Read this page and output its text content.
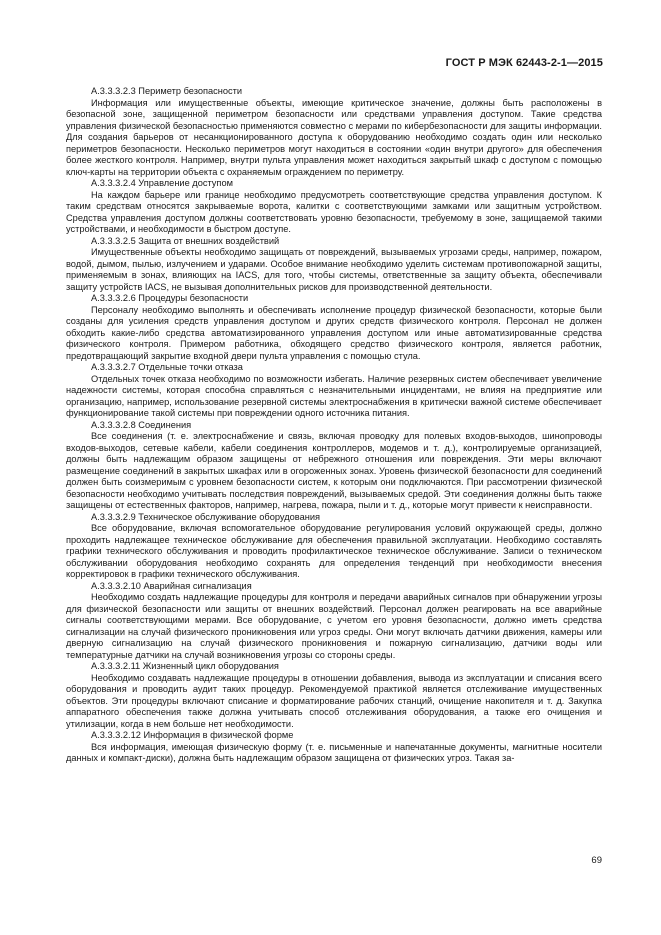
ГОСТ Р МЭК 62443-2-1—2015
A.3.3.3.2.3 Периметр безопасности

Информация или имущественные объекты, имеющие критическое значение, должны быть расположены в безопасной зоне, защищенной периметром безопасности или средствами управления доступом. Такие средства управления физической безопасностью применяются совместно с мерами по кибербезопасности для защиты информации. Для создания барьеров от несанкционированного доступа к оборудованию необходимо создать один или несколько периметров безопасности. Несколько периметров могут находиться в состоянии «один внутри другого» для обеспечения более жесткого контроля. Например, внутри пульта управления может находиться закрытый шкаф с доступом с помощью ключ-карты на территории объекта с охраняемым ограждением по периметру.

A.3.3.3.2.4 Управление доступом

На каждом барьере или границе необходимо предусмотреть соответствующие средства управления доступом. К таким средствам относятся закрываемые ворота, калитки с соответствующими замками или защитным устройством. Средства управления доступом должны соответствовать уровню безопасности, требуемому в зоне, защищаемой такими устройствами, и необходимости в быстром доступе.

A.3.3.3.2.5 Защита от внешних воздействий

Имущественные объекты необходимо защищать от повреждений, вызываемых угрозами среды, например, пожаром, водой, дымом, пылью, излучением и ударами. Особое внимание необходимо уделить системам противопожарной защиты, применяемым в зонах, влияющих на IACS, для того, чтобы системы, ответственные за защиту объекта, обеспечивали защиту устройств IACS, не вызывая дополнительных рисков для производственной деятельности.

A.3.3.3.2.6 Процедуры безопасности

Персоналу необходимо выполнять и обеспечивать исполнение процедур физической безопасности, которые были созданы для усиления средств управления доступом и других средств физического контроля. Персонал не должен обходить какие-либо средства автоматизированного управления доступом или иные автоматизированные средства физического контроля. Примером работника, обходящего средство физического контроля, является работник, предотвращающий закрытие входной двери пульта управления с помощью стула.

A.3.3.3.2.7 Отдельные точки отказа

Отдельных точек отказа необходимо по возможности избегать. Наличие резервных систем обеспечивает увеличение надежности системы, которая способна справляться с незначительными инцидентами, не влияя на предприятие или организацию, например, использование резервной системы электроснабжения в критически важной системе обеспечивает функционирование такой системы при повреждении одного источника питания.

A.3.3.3.2.8 Соединения

Все соединения (т. е. электроснабжение и связь, включая проводку для полевых входов-выходов, шинопроводы входов-выходов, сетевые кабели, кабели соединения контроллеров, модемов и т. д.), контролируемые организацией, должны быть надлежащим образом защищены от небрежного отношения или повреждения. Эти меры включают размещение соединений в закрытых шкафах или в огороженных зонах. Уровень физической безопасности для соединений должен быть соизмеримым с уровнем безопасности систем, к которым они подключаются. При рассмотрении физической безопасности необходимо учитывать последствия повреждений, вызываемых средой. Эти соединения должны быть также защищены от естественных факторов, например, нагрева, пожара, пыли и т. д., которые могут привести к неисправности.

A.3.3.3.2.9 Техническое обслуживание оборудования

Все оборудование, включая вспомогательное оборудование регулирования условий окружающей среды, должно проходить надлежащее техническое обслуживание для обеспечения правильной эксплуатации. Необходимо составлять графики технического обслуживания и проводить профилактическое техническое обслуживание. Записи о техническом обслуживании оборудования необходимо сохранять для определения тенденций при необходимости внесения корректировок в графики технического обслуживания.

A.3.3.3.2.10 Аварийная сигнализация

Необходимо создать надлежащие процедуры для контроля и передачи аварийных сигналов при обнаружении угрозы для физической безопасности или защиты от внешних воздействий. Персонал должен реагировать на все аварийные сигналы соответствующими мерами. Все оборудование, с учетом его уровня безопасности, должно иметь средства сигнализации на случай физического проникновения или угроз среды. Они могут включать датчики движения, камеры или дверную сигнализацию на случай физического проникновения и пожарную сигнализацию, датчики воды или температурные датчики на случай возникновения угрозы со стороны среды.

A.3.3.3.2.11 Жизненный цикл оборудования

Необходимо создавать надлежащие процедуры в отношении добавления, вывода из эксплуатации и списания всего оборудования и проводить аудит таких процедур. Рекомендуемой практикой является отслеживание имущественных объектов. Эти процедуры включают списание и форматирование рабочих станций, очищение накопителя и т. д. Закупка аппаратного обеспечения также должна учитывать способ отслеживания оборудования, а также его очищения и утилизации, когда в нем больше нет необходимости.

A.3.3.3.2.12 Информация в физической форме

Вся информация, имеющая физическую форму (т. е. письменные и напечатанные документы, магнитные носители данных и компакт-диски), должна быть надлежащим образом защищена от физических угроз. Такая за-

69
